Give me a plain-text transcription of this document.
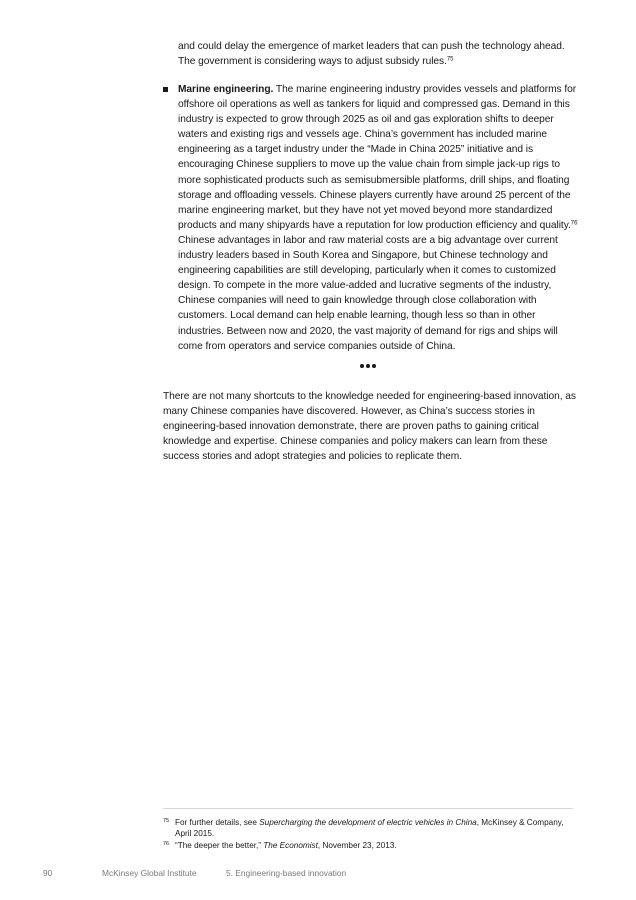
and could delay the emergence of market leaders that can push the technology ahead. The government is considering ways to adjust subsidy rules.$^{75}$

Marine engineering. The marine engineering industry provides vessels and platforms for offshore oil operations as well as tankers for liquid and compressed gas. Demand in this industry is expected to grow through 2025 as oil and gas exploration shifts to deeper waters and existing rigs and vessels age. China’s government has included marine engineering as a target industry under the “Made in China 2025” initiative and is encouraging Chinese suppliers to move up the value chain from simple jack-up rigs to more sophisticated products such as semisubmersible platforms, drill ships, and floating storage and offloading vessels. Chinese players currently have around 25 percent of the marine engineering market, but they have not yet moved beyond more standardized products and many shipyards have a reputation for low production efficiency and quality.$^{76}$ Chinese advantages in labor and raw material costs are a big advantage over current industry leaders based in South Korea and Singapore, but Chinese technology and engineering capabilities are still developing, particularly when it comes to customized design. To compete in the more value-added and lucrative segments of the industry, Chinese companies will need to gain knowledge through close collaboration with customers. Local demand can help enable learning, though less so than in other industries. Between now and 2020, the vast majority of demand for rigs and ships will come from operators and service companies outside of China.

There are not many shortcuts to the knowledge needed for engineering-based innovation, as many Chinese companies have discovered. However, as China’s success stories in engineering-based innovation demonstrate, there are proven paths to gaining critical knowledge and expertise. Chinese companies and policy makers can learn from these success stories and adopt strategies and policies to replicate them.

75 For further details, see Supercharging the development of electric vehicles in China, McKinsey & Company, April 2015.
76 “The deeper the better,” The Economist, November 23, 2013.
90	McKinsey Global Institute	5. Engineering-based innovation
